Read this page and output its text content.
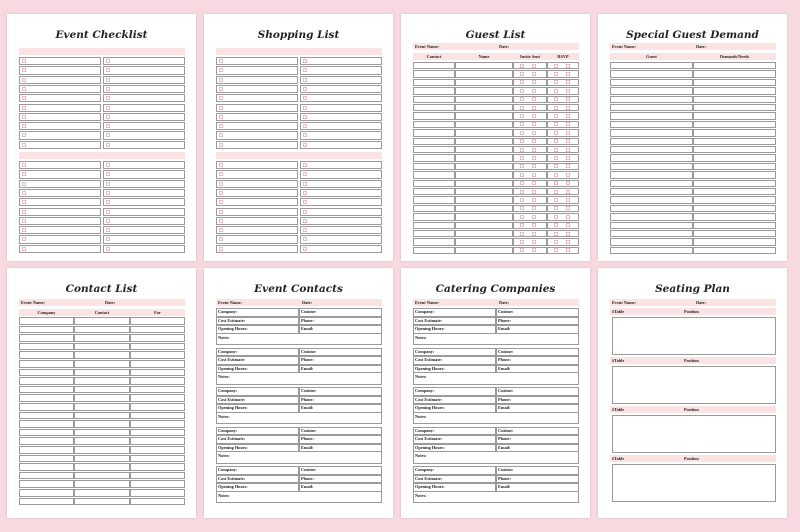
Event Checklist	Shopping List	Guest List
Event Name:	Date:
Contact	Name	Invite Sent	RSVP
Special Guest Demand
Event Name:	Date:
Guest	Demands/Needs
Contact List
Event Name:	Date:
Company	Contact	For
Event Contacts
Event Name:	Date:
Company:	Cuisine:
Cost Estimate:	Phone:
Opening Hours:	Email:
Notes:
Company:	Cuisine:
Cost Estimate:	Phone:
Opening Hours:	Email:
Notes:
Company:	Cuisine:
Cost Estimate:	Phone:
Opening Hours:	Email:
Notes:
Company:	Cuisine:
Cost Estimate:	Phone:
Opening Hours:	Email:
Notes:
Company:	Cuisine:
Cost Estimate:	Phone:
Opening Hours:	Email:
Notes:
Catering Companies
Event Name:	Date:
Company:	Cuisine:
Cost Estimate:	Phone:
Opening Hours:	Email:
Notes:
Company:	Cuisine:
Cost Estimate:	Phone:
Opening Hours:	Email:
Notes:
Company:	Cuisine:
Cost Estimate:	Phone:
Opening Hours:	Email:
Notes:
Company:	Cuisine:
Cost Estimate:	Phone:
Opening Hours:	Email:
Notes:
Company:	Cuisine:
Cost Estimate:	Phone:
Opening Hours:	Email:
Notes:
Seating Plan
Event Name:	Date:
#Table	Position
#Table	Position
#Table	Position
#Table	Position
